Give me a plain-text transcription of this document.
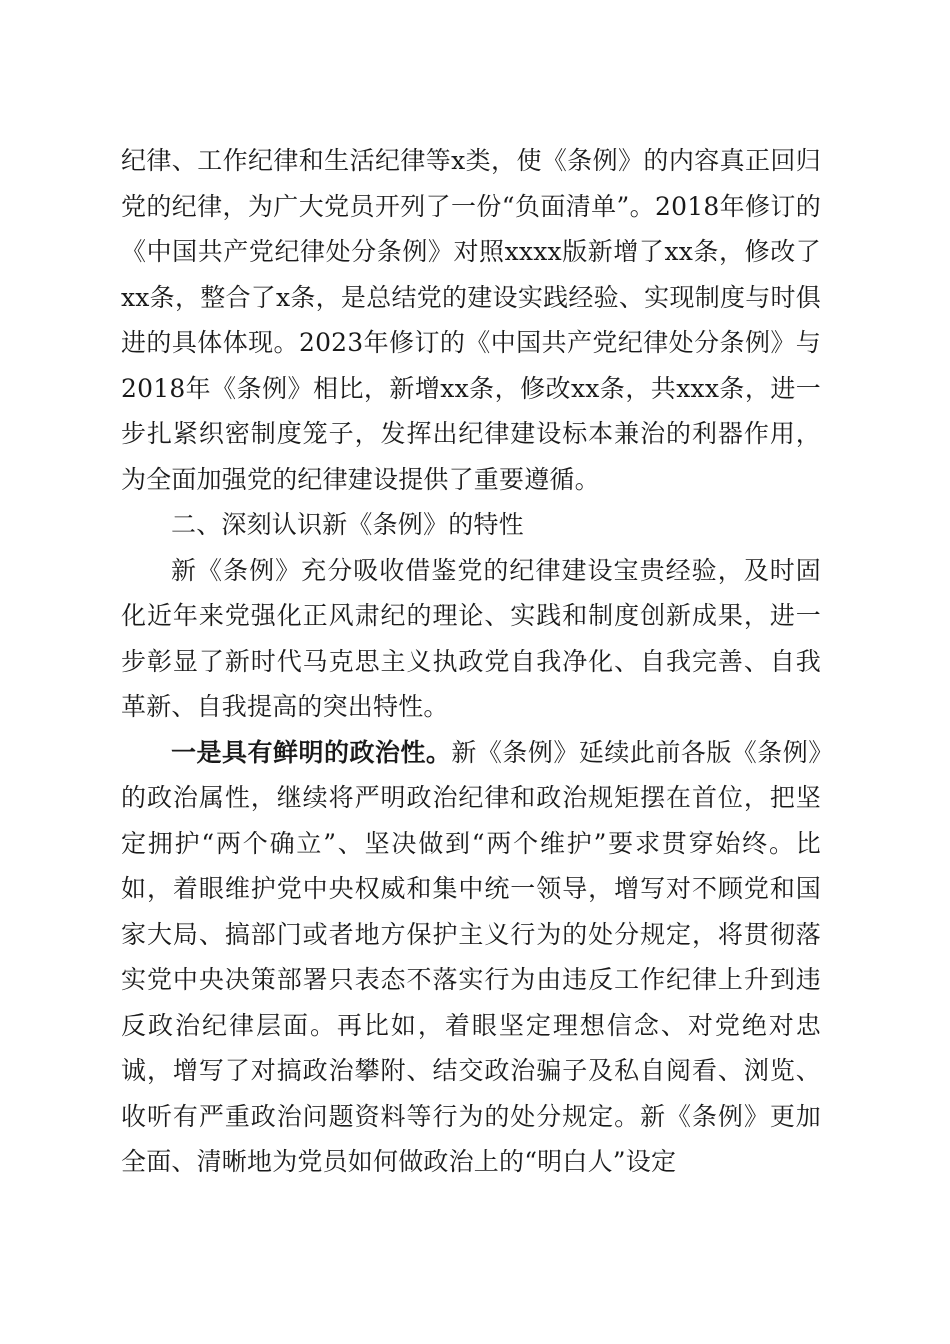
纪律、工作纪律和生活纪律等x类，使《条例》的内容真正回归党的纪律，为广大党员开列了一份“负面清单”。2018年修订的《中国共产党纪律处分条例》对照xxxx版新增了xx条，修改了xx条，整合了x条，是总结党的建设实践经验、实现制度与时俱进的具体体现。2023年修订的《中国共产党纪律处分条例》与2018年《条例》相比，新增xx条，修改xx条，共xxx条，进一步扎紧织密制度笼子，发挥出纪律建设标本兼治的利器作用，为全面加强党的纪律建设提供了重要遵循。

二、深刻认识新《条例》的特性

新《条例》充分吸收借鉴党的纪律建设宝贵经验，及时固化近年来党强化正风肃纪的理论、实践和制度创新成果，进一步彰显了新时代马克思主义执政党自我净化、自我完善、自我革新、自我提高的突出特性。

一是具有鲜明的政治性。新《条例》延续此前各版《条例》的政治属性，继续将严明政治纪律和政治规矩摆在首位，把坚定拥护“两个确立”、坚决做到“两个维护”要求贯穿始终。比如，着眼维护党中央权威和集中统一领导，增写对不顾党和国家大局、搞部门或者地方保护主义行为的处分规定，将贯彻落实党中央决策部署只表态不落实行为由违反工作纪律上升到违反政治纪律层面。再比如，着眼坚定理想信念、对党绝对忠诚，增写了对搞政治攀附、结交政治骗子及私自阅看、浏览、收听有严重政治问题资料等行为的处分规定。新《条例》更加全面、清晰地为党员如何做政治上的“明白人”设定
